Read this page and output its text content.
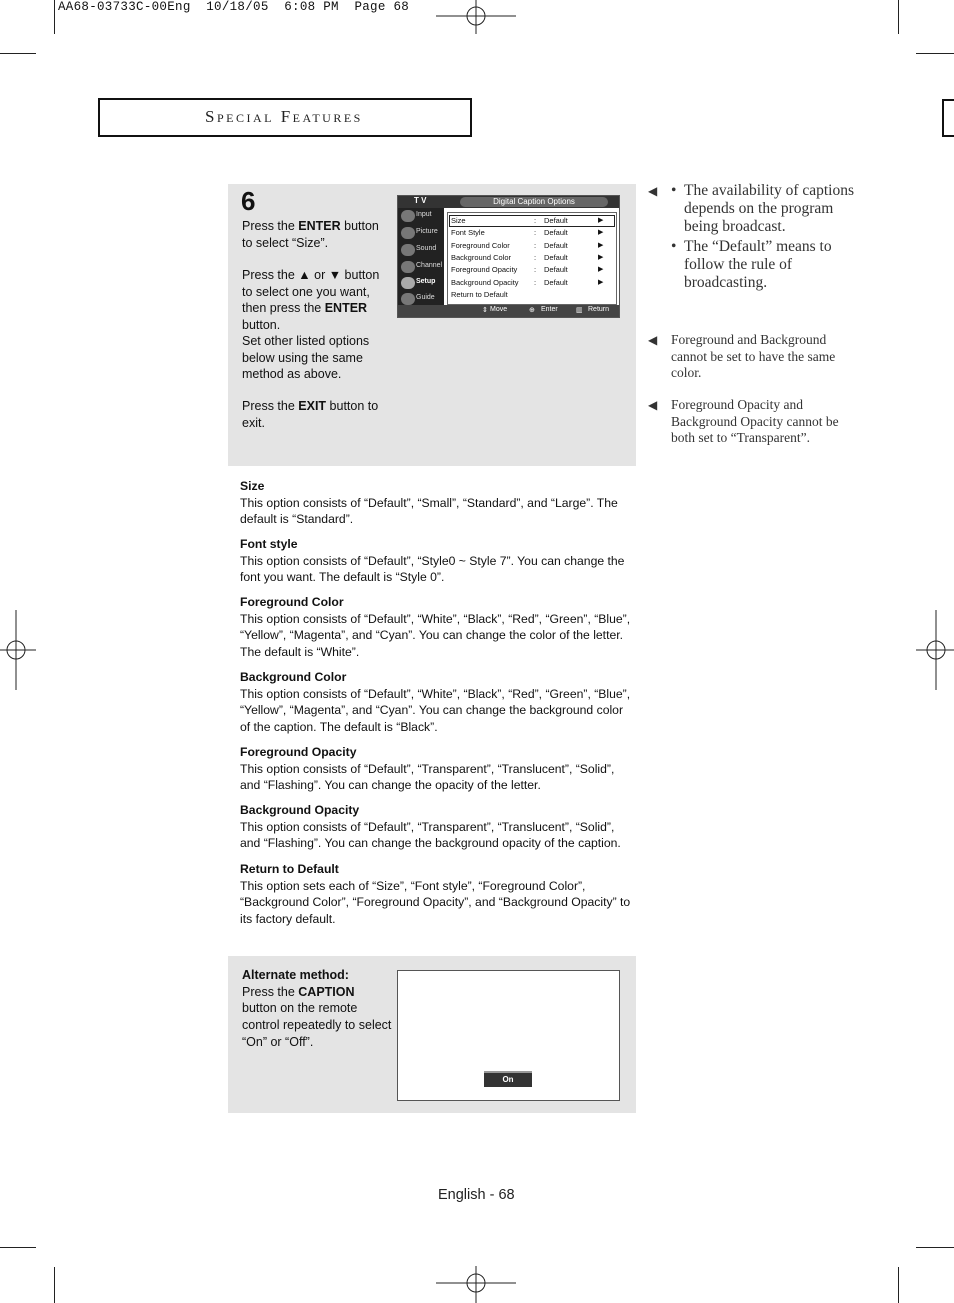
AA68-03733C-00Eng  10/18/05  6:08 PM  Page 68
Special Features
6
Press the ENTER button to select “Size”.
Press the ▲ or ▼ button to select one you want, then press the ENTER button.
Set other listed options below using the same method as above.
Press the EXIT button to exit.
T V	Digital Caption Options
Input
Picture
Sound
Channel
Setup
Guide
Size	: Default	▶
Font Style	: Default	▶
Foreground Color	: Default	▶
Background Color	: Default	▶
Foreground Opacity : Default	▶
Background Opacity : Default	▶
Return to Default
⇕ Move	⊕ Enter	▥ Return
◀ • The availability of captions depends on the program being broadcast.
• The “Default” means to follow the rule of broadcasting.
◀ Foreground and Background cannot be set to have the same color.
◀ Foreground Opacity and Background Opacity cannot be both set to “Transparent”.
Size
This option consists of “Default”, “Small”, “Standard”, and “Large”. The default is “Standard”.
Font style
This option consists of “Default”, “Style0 ~ Style 7”. You can change the font you want. The default is “Style 0”.
Foreground Color
This option consists of “Default”, “White”, “Black”, “Red”, “Green”, “Blue”, “Yellow”, “Magenta”, and “Cyan”. You can change the color of the letter. The default is “White”.
Background Color
This option consists of “Default”, “White”, “Black”, “Red”, “Green”, “Blue”, “Yellow”, “Magenta”, and “Cyan”. You can change the background color of the caption. The default is “Black”.
Foreground Opacity
This option consists of “Default”, “Transparent”, “Translucent”, “Solid”, and “Flashing”. You can change the opacity of the letter.
Background Opacity
This option consists of “Default”, “Transparent”, “Translucent”, “Solid”, and “Flashing”. You can change the background opacity of the caption.
Return to Default
This option sets each of “Size”, “Font style”, “Foreground Color”, “Background Color”, “Foreground Opacity”, and “Background Opacity” to its factory default.
Alternate method:
Press the CAPTION button on the remote control repeatedly to select “On” or “Off”.
On
English - 68
